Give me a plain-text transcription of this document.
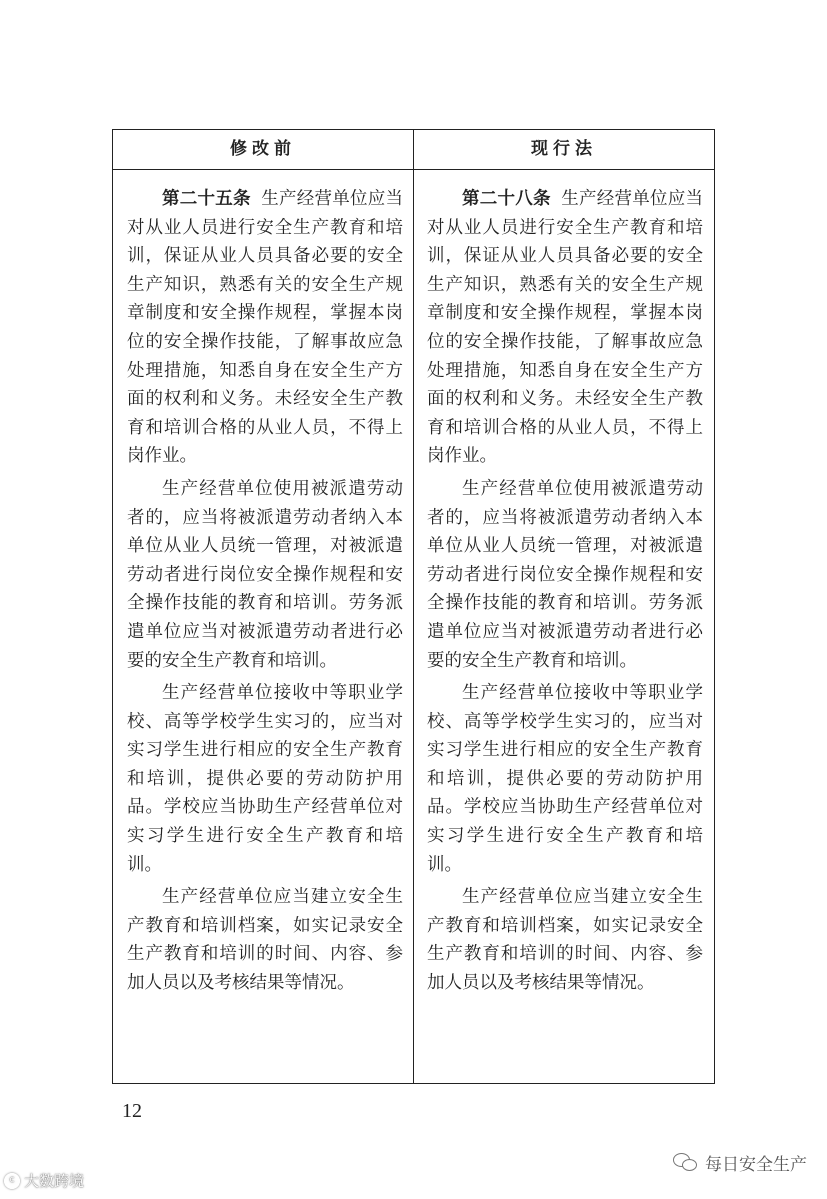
修改前	现行法

第二十五条 生产经营单位应当对从业人员进行安全生产教育和培训，保证从业人员具备必要的安全生产知识，熟悉有关的安全生产规章制度和安全操作规程，掌握本岗位的安全操作技能，了解事故应急处理措施，知悉自身在安全生产方面的权利和义务。未经安全生产教育和培训合格的从业人员，不得上岗作业。

生产经营单位使用被派遣劳动者的，应当将被派遣劳动者纳入本单位从业人员统一管理，对被派遣劳动者进行岗位安全操作规程和安全操作技能的教育和培训。劳务派遣单位应当对被派遣劳动者进行必要的安全生产教育和培训。

生产经营单位接收中等职业学校、高等学校学生实习的，应当对实习学生进行相应的安全生产教育和培训，提供必要的劳动防护用品。学校应当协助生产经营单位对实习学生进行安全生产教育和培训。

生产经营单位应当建立安全生产教育和培训档案，如实记录安全生产教育和培训的时间、内容、参加人员以及考核结果等情况。

第二十八条 生产经营单位应当对从业人员进行安全生产教育和培训，保证从业人员具备必要的安全生产知识，熟悉有关的安全生产规章制度和安全操作规程，掌握本岗位的安全操作技能，了解事故应急处理措施，知悉自身在安全生产方面的权利和义务。未经安全生产教育和培训合格的从业人员，不得上岗作业。

生产经营单位使用被派遣劳动者的，应当将被派遣劳动者纳入本单位从业人员统一管理，对被派遣劳动者进行岗位安全操作规程和安全操作技能的教育和培训。劳务派遣单位应当对被派遣劳动者进行必要的安全生产教育和培训。

生产经营单位接收中等职业学校、高等学校学生实习的，应当对实习学生进行相应的安全生产教育和培训，提供必要的劳动防护用品。学校应当协助生产经营单位对实习学生进行安全生产教育和培训。

生产经营单位应当建立安全生产教育和培训档案，如实记录安全生产教育和培训的时间、内容、参加人员以及考核结果等情况。

12
c 大数跨境
每日安全生产
